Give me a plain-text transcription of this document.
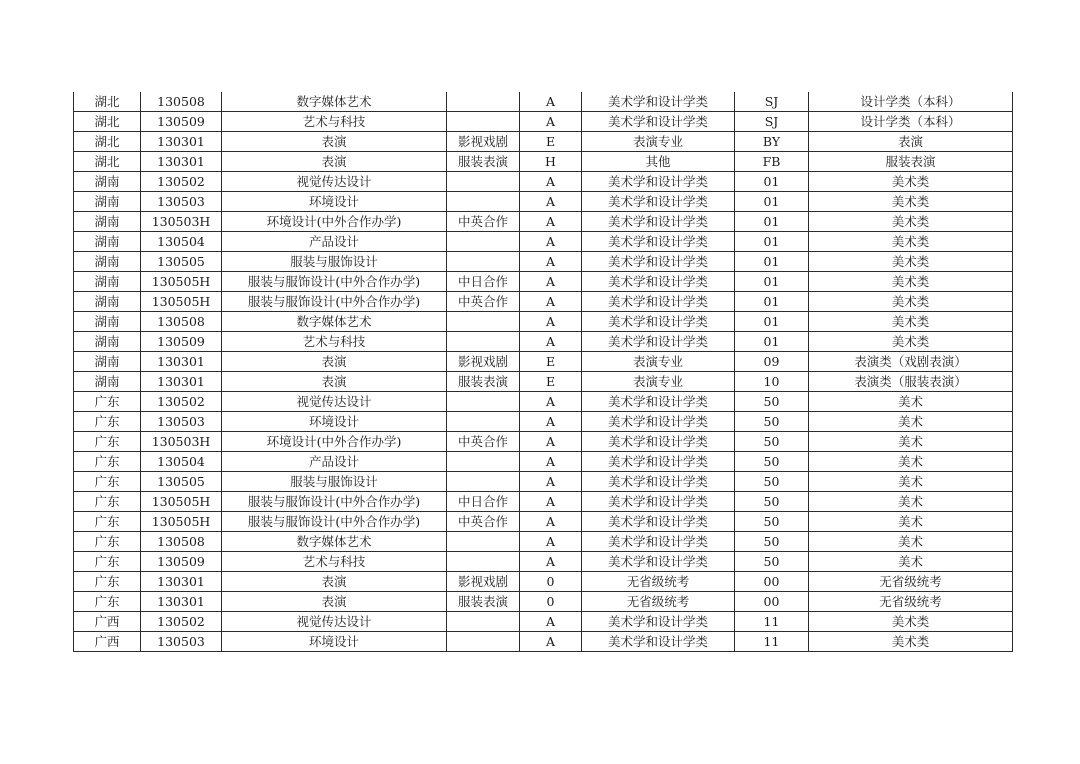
湖北	130508	数字媒体艺术		A	美术学和设计学类	SJ	设计学类（本科）
湖北	130509	艺术与科技		A	美术学和设计学类	SJ	设计学类（本科）
湖北	130301	表演	影视戏剧	E	表演专业	BY	表演
湖北	130301	表演	服装表演	H	其他	FB	服装表演
湖南	130502	视觉传达设计		A	美术学和设计学类	01	美术类
湖南	130503	环境设计		A	美术学和设计学类	01	美术类
湖南	130503H	环境设计(中外合作办学)	中英合作	A	美术学和设计学类	01	美术类
湖南	130504	产品设计		A	美术学和设计学类	01	美术类
湖南	130505	服装与服饰设计		A	美术学和设计学类	01	美术类
湖南	130505H	服装与服饰设计(中外合作办学)	中日合作	A	美术学和设计学类	01	美术类
湖南	130505H	服装与服饰设计(中外合作办学)	中英合作	A	美术学和设计学类	01	美术类
湖南	130508	数字媒体艺术		A	美术学和设计学类	01	美术类
湖南	130509	艺术与科技		A	美术学和设计学类	01	美术类
湖南	130301	表演	影视戏剧	E	表演专业	09	表演类（戏剧表演）
湖南	130301	表演	服装表演	E	表演专业	10	表演类（服装表演）
广东	130502	视觉传达设计		A	美术学和设计学类	50	美术
广东	130503	环境设计		A	美术学和设计学类	50	美术
广东	130503H	环境设计(中外合作办学)	中英合作	A	美术学和设计学类	50	美术
广东	130504	产品设计		A	美术学和设计学类	50	美术
广东	130505	服装与服饰设计		A	美术学和设计学类	50	美术
广东	130505H	服装与服饰设计(中外合作办学)	中日合作	A	美术学和设计学类	50	美术
广东	130505H	服装与服饰设计(中外合作办学)	中英合作	A	美术学和设计学类	50	美术
广东	130508	数字媒体艺术		A	美术学和设计学类	50	美术
广东	130509	艺术与科技		A	美术学和设计学类	50	美术
广东	130301	表演	影视戏剧	0	无省级统考	00	无省级统考
广东	130301	表演	服装表演	0	无省级统考	00	无省级统考
广西	130502	视觉传达设计		A	美术学和设计学类	11	美术类
广西	130503	环境设计		A	美术学和设计学类	11	美术类
